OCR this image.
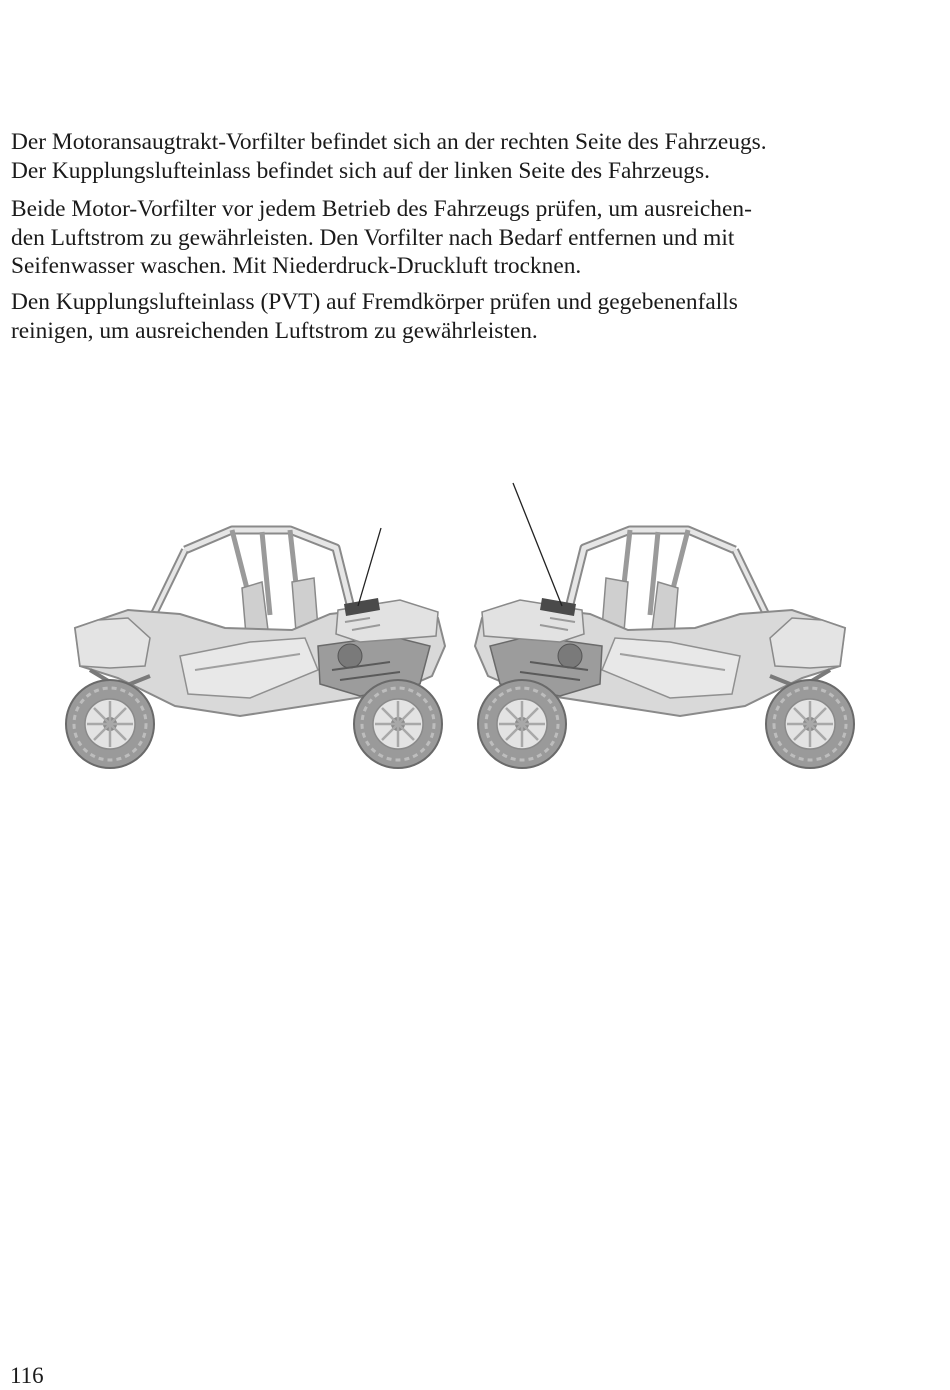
Der Motoransaugtrakt-Vorfilter befindet sich an der rechten Seite des Fahrzeugs.
Der Kupplungslufteinlass befindet sich auf der linken Seite des Fahrzeugs.

Beide Motor-Vorfilter vor jedem Betrieb des Fahrzeugs prüfen, um ausreichen-
den Luftstrom zu gewährleisten. Den Vorfilter nach Bedarf entfernen und mit
Seifenwasser waschen. Mit Niederdruck-Druckluft trocknen.

Den Kupplungslufteinlass (PVT) auf Fremdkörper prüfen und gegebenenfalls
reinigen, um ausreichenden Luftstrom zu gewährleisten.

116
